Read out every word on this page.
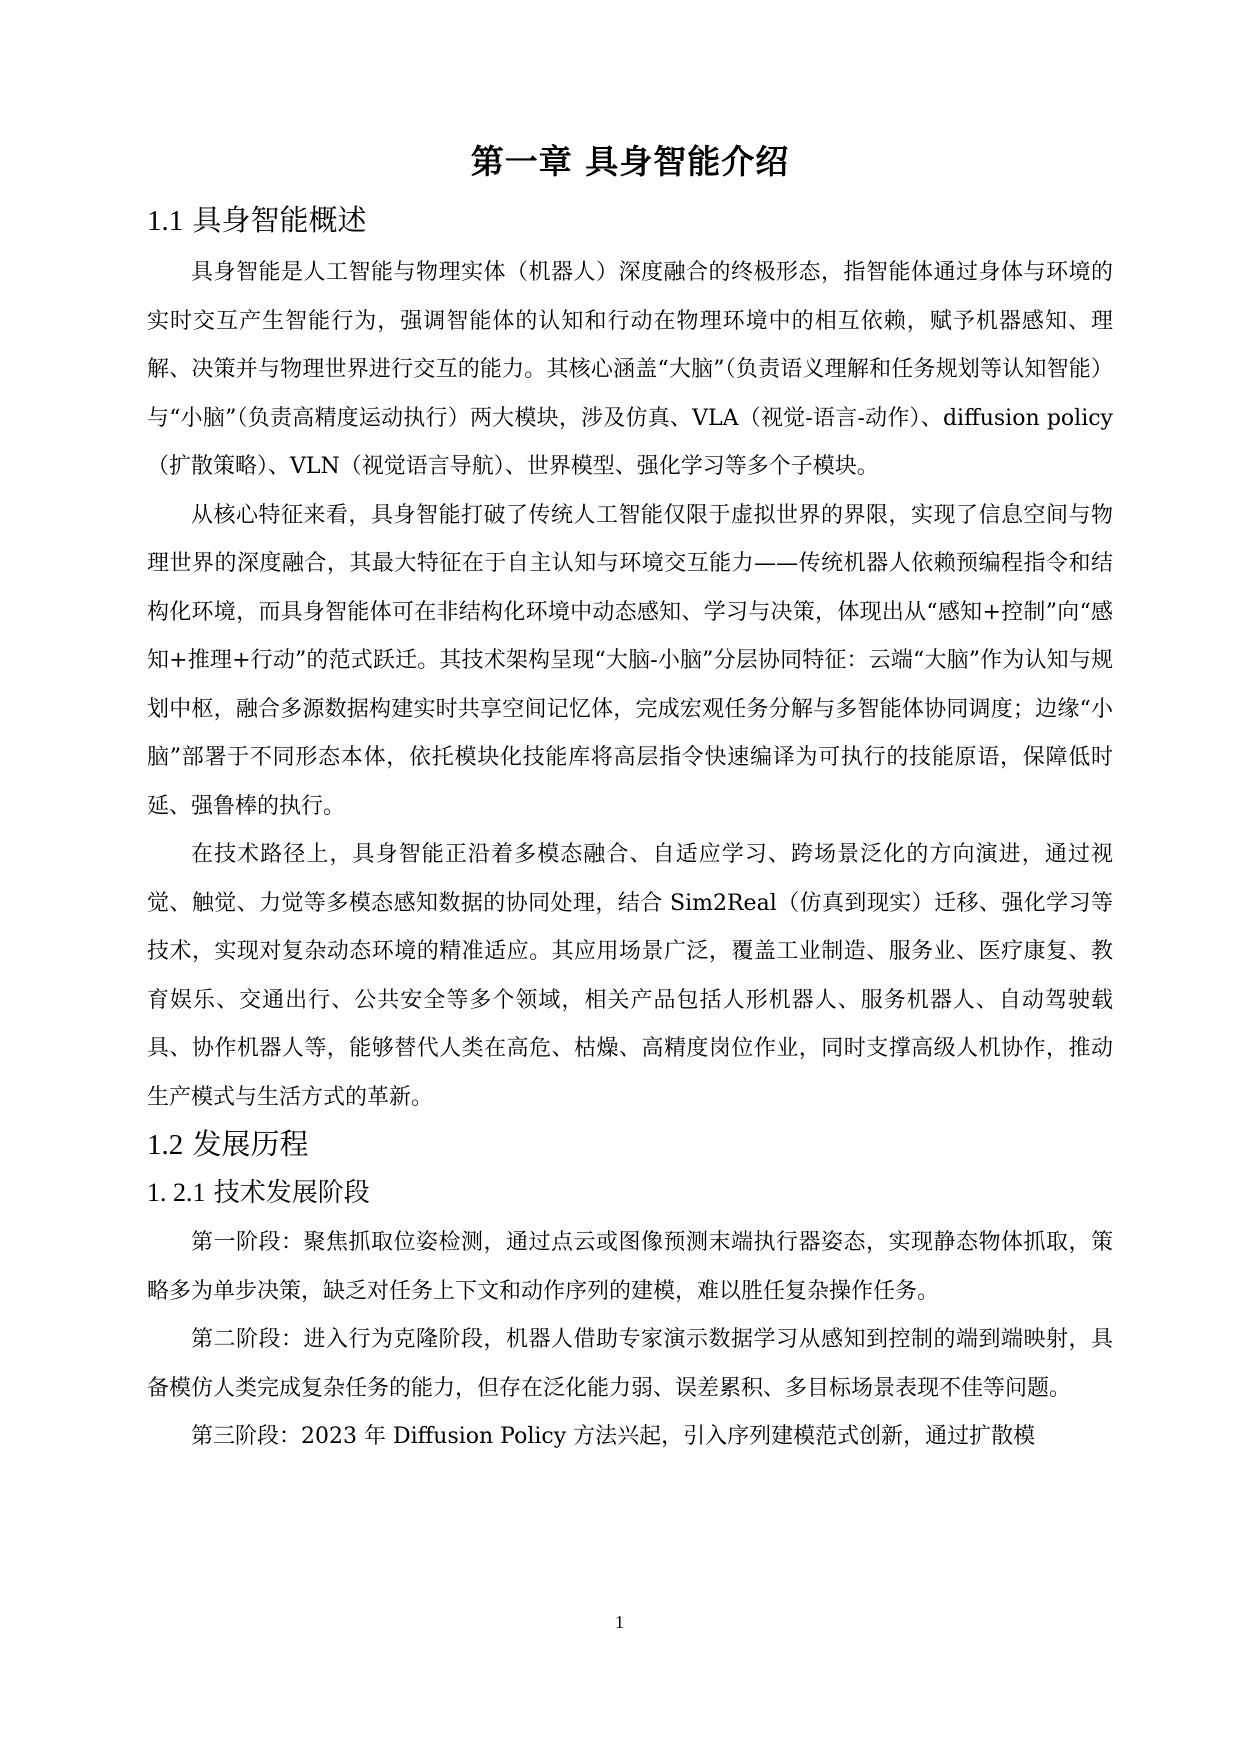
第一章 具身智能介绍
1.1 具身智能概述

具身智能是人工智能与物理实体（机器人）深度融合的终极形态，指智能体通过身体与环境的实时交互产生智能行为，强调智能体的认知和行动在物理环境中的相互依赖，赋予机器感知、理解、决策并与物理世界进行交互的能力。其核心涵盖“大脑”（负责语义理解和任务规划等认知智能）与“小脑”（负责高精度运动执行）两大模块，涉及仿真、VLA（视觉-语言-动作）、diffusion policy（扩散策略）、VLN（视觉语言导航）、世界模型、强化学习等多个子模块。

从核心特征来看，具身智能打破了传统人工智能仅限于虚拟世界的界限，实现了信息空间与物理世界的深度融合，其最大特征在于自主认知与环境交互能力——传统机器人依赖预编程指令和结构化环境，而具身智能体可在非结构化环境中动态感知、学习与决策，体现出从“感知+控制”向“感知+推理+行动”的范式跃迁。其技术架构呈现“大脑-小脑”分层协同特征：云端“大脑”作为认知与规划中枢，融合多源数据构建实时共享空间记忆体，完成宏观任务分解与多智能体协同调度；边缘“小脑”部署于不同形态本体，依托模块化技能库将高层指令快速编译为可执行的技能原语，保障低时延、强鲁棒的执行。

在技术路径上，具身智能正沿着多模态融合、自适应学习、跨场景泛化的方向演进，通过视觉、触觉、力觉等多模态感知数据的协同处理，结合 Sim2Real（仿真到现实）迁移、强化学习等技术，实现对复杂动态环境的精准适应。其应用场景广泛，覆盖工业制造、服务业、医疗康复、教育娱乐、交通出行、公共安全等多个领域，相关产品包括人形机器人、服务机器人、自动驾驶载具、协作机器人等，能够替代人类在高危、枯燥、高精度岗位作业，同时支撑高级人机协作，推动生产模式与生活方式的革新。

1.2 发展历程
1. 2.1 技术发展阶段

第一阶段：聚焦抓取位姿检测，通过点云或图像预测末端执行器姿态，实现静态物体抓取，策略多为单步决策，缺乏对任务上下文和动作序列的建模，难以胜任复杂操作任务。

第二阶段：进入行为克隆阶段，机器人借助专家演示数据学习从感知到控制的端到端映射，具备模仿人类完成复杂任务的能力，但存在泛化能力弱、误差累积、多目标场景表现不佳等问题。

第三阶段：2023 年 Diffusion Policy 方法兴起，引入序列建模范式创新，通过扩散模

1
